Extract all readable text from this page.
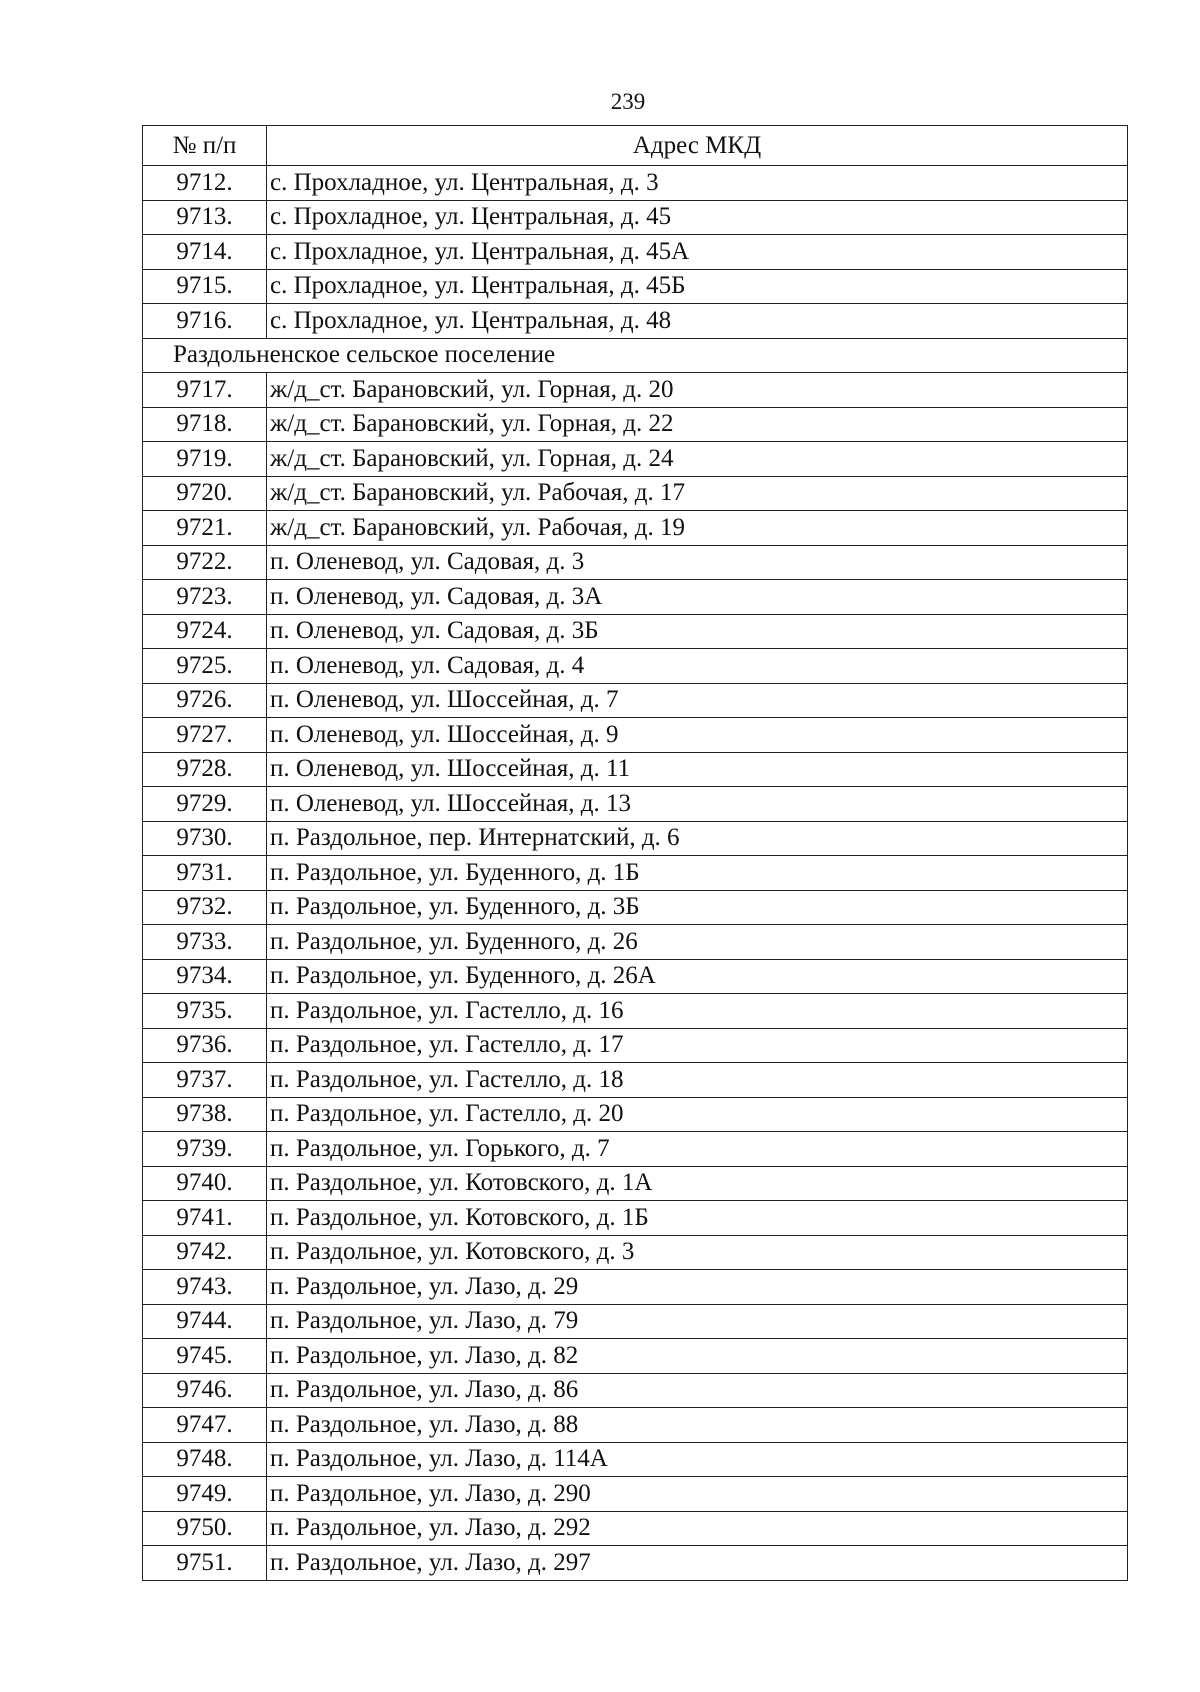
239
№ п/п	Адрес МКД
9712.	с. Прохладное, ул. Центральная, д. 3
9713.	с. Прохладное, ул. Центральная, д. 45
9714.	с. Прохладное, ул. Центральная, д. 45А
9715.	с. Прохладное, ул. Центральная, д. 45Б
9716.	с. Прохладное, ул. Центральная, д. 48
Раздольненское сельское поселение	
9717.	ж/д_ст. Барановский, ул. Горная, д. 20
9718.	ж/д_ст. Барановский, ул. Горная, д. 22
9719.	ж/д_ст. Барановский, ул. Горная, д. 24
9720.	ж/д_ст. Барановский, ул. Рабочая, д. 17
9721.	ж/д_ст. Барановский, ул. Рабочая, д. 19
9722.	п. Оленевод, ул. Садовая, д. 3
9723.	п. Оленевод, ул. Садовая, д. 3А
9724.	п. Оленевод, ул. Садовая, д. 3Б
9725.	п. Оленевод, ул. Садовая, д. 4
9726.	п. Оленевод, ул. Шоссейная, д. 7
9727.	п. Оленевод, ул. Шоссейная, д. 9
9728.	п. Оленевод, ул. Шоссейная, д. 11
9729.	п. Оленевод, ул. Шоссейная, д. 13
9730.	п. Раздольное, пер. Интернатский, д. 6
9731.	п. Раздольное, ул. Буденного, д. 1Б
9732.	п. Раздольное, ул. Буденного, д. 3Б
9733.	п. Раздольное, ул. Буденного, д. 26
9734.	п. Раздольное, ул. Буденного, д. 26А
9735.	п. Раздольное, ул. Гастелло, д. 16
9736.	п. Раздольное, ул. Гастелло, д. 17
9737.	п. Раздольное, ул. Гастелло, д. 18
9738.	п. Раздольное, ул. Гастелло, д. 20
9739.	п. Раздольное, ул. Горького, д. 7
9740.	п. Раздольное, ул. Котовского, д. 1А
9741.	п. Раздольное, ул. Котовского, д. 1Б
9742.	п. Раздольное, ул. Котовского, д. 3
9743.	п. Раздольное, ул. Лазо, д. 29
9744.	п. Раздольное, ул. Лазо, д. 79
9745.	п. Раздольное, ул. Лазо, д. 82
9746.	п. Раздольное, ул. Лазо, д. 86
9747.	п. Раздольное, ул. Лазо, д. 88
9748.	п. Раздольное, ул. Лазо, д. 114А
9749.	п. Раздольное, ул. Лазо, д. 290
9750.	п. Раздольное, ул. Лазо, д. 292
9751.	п. Раздольное, ул. Лазо, д. 297
